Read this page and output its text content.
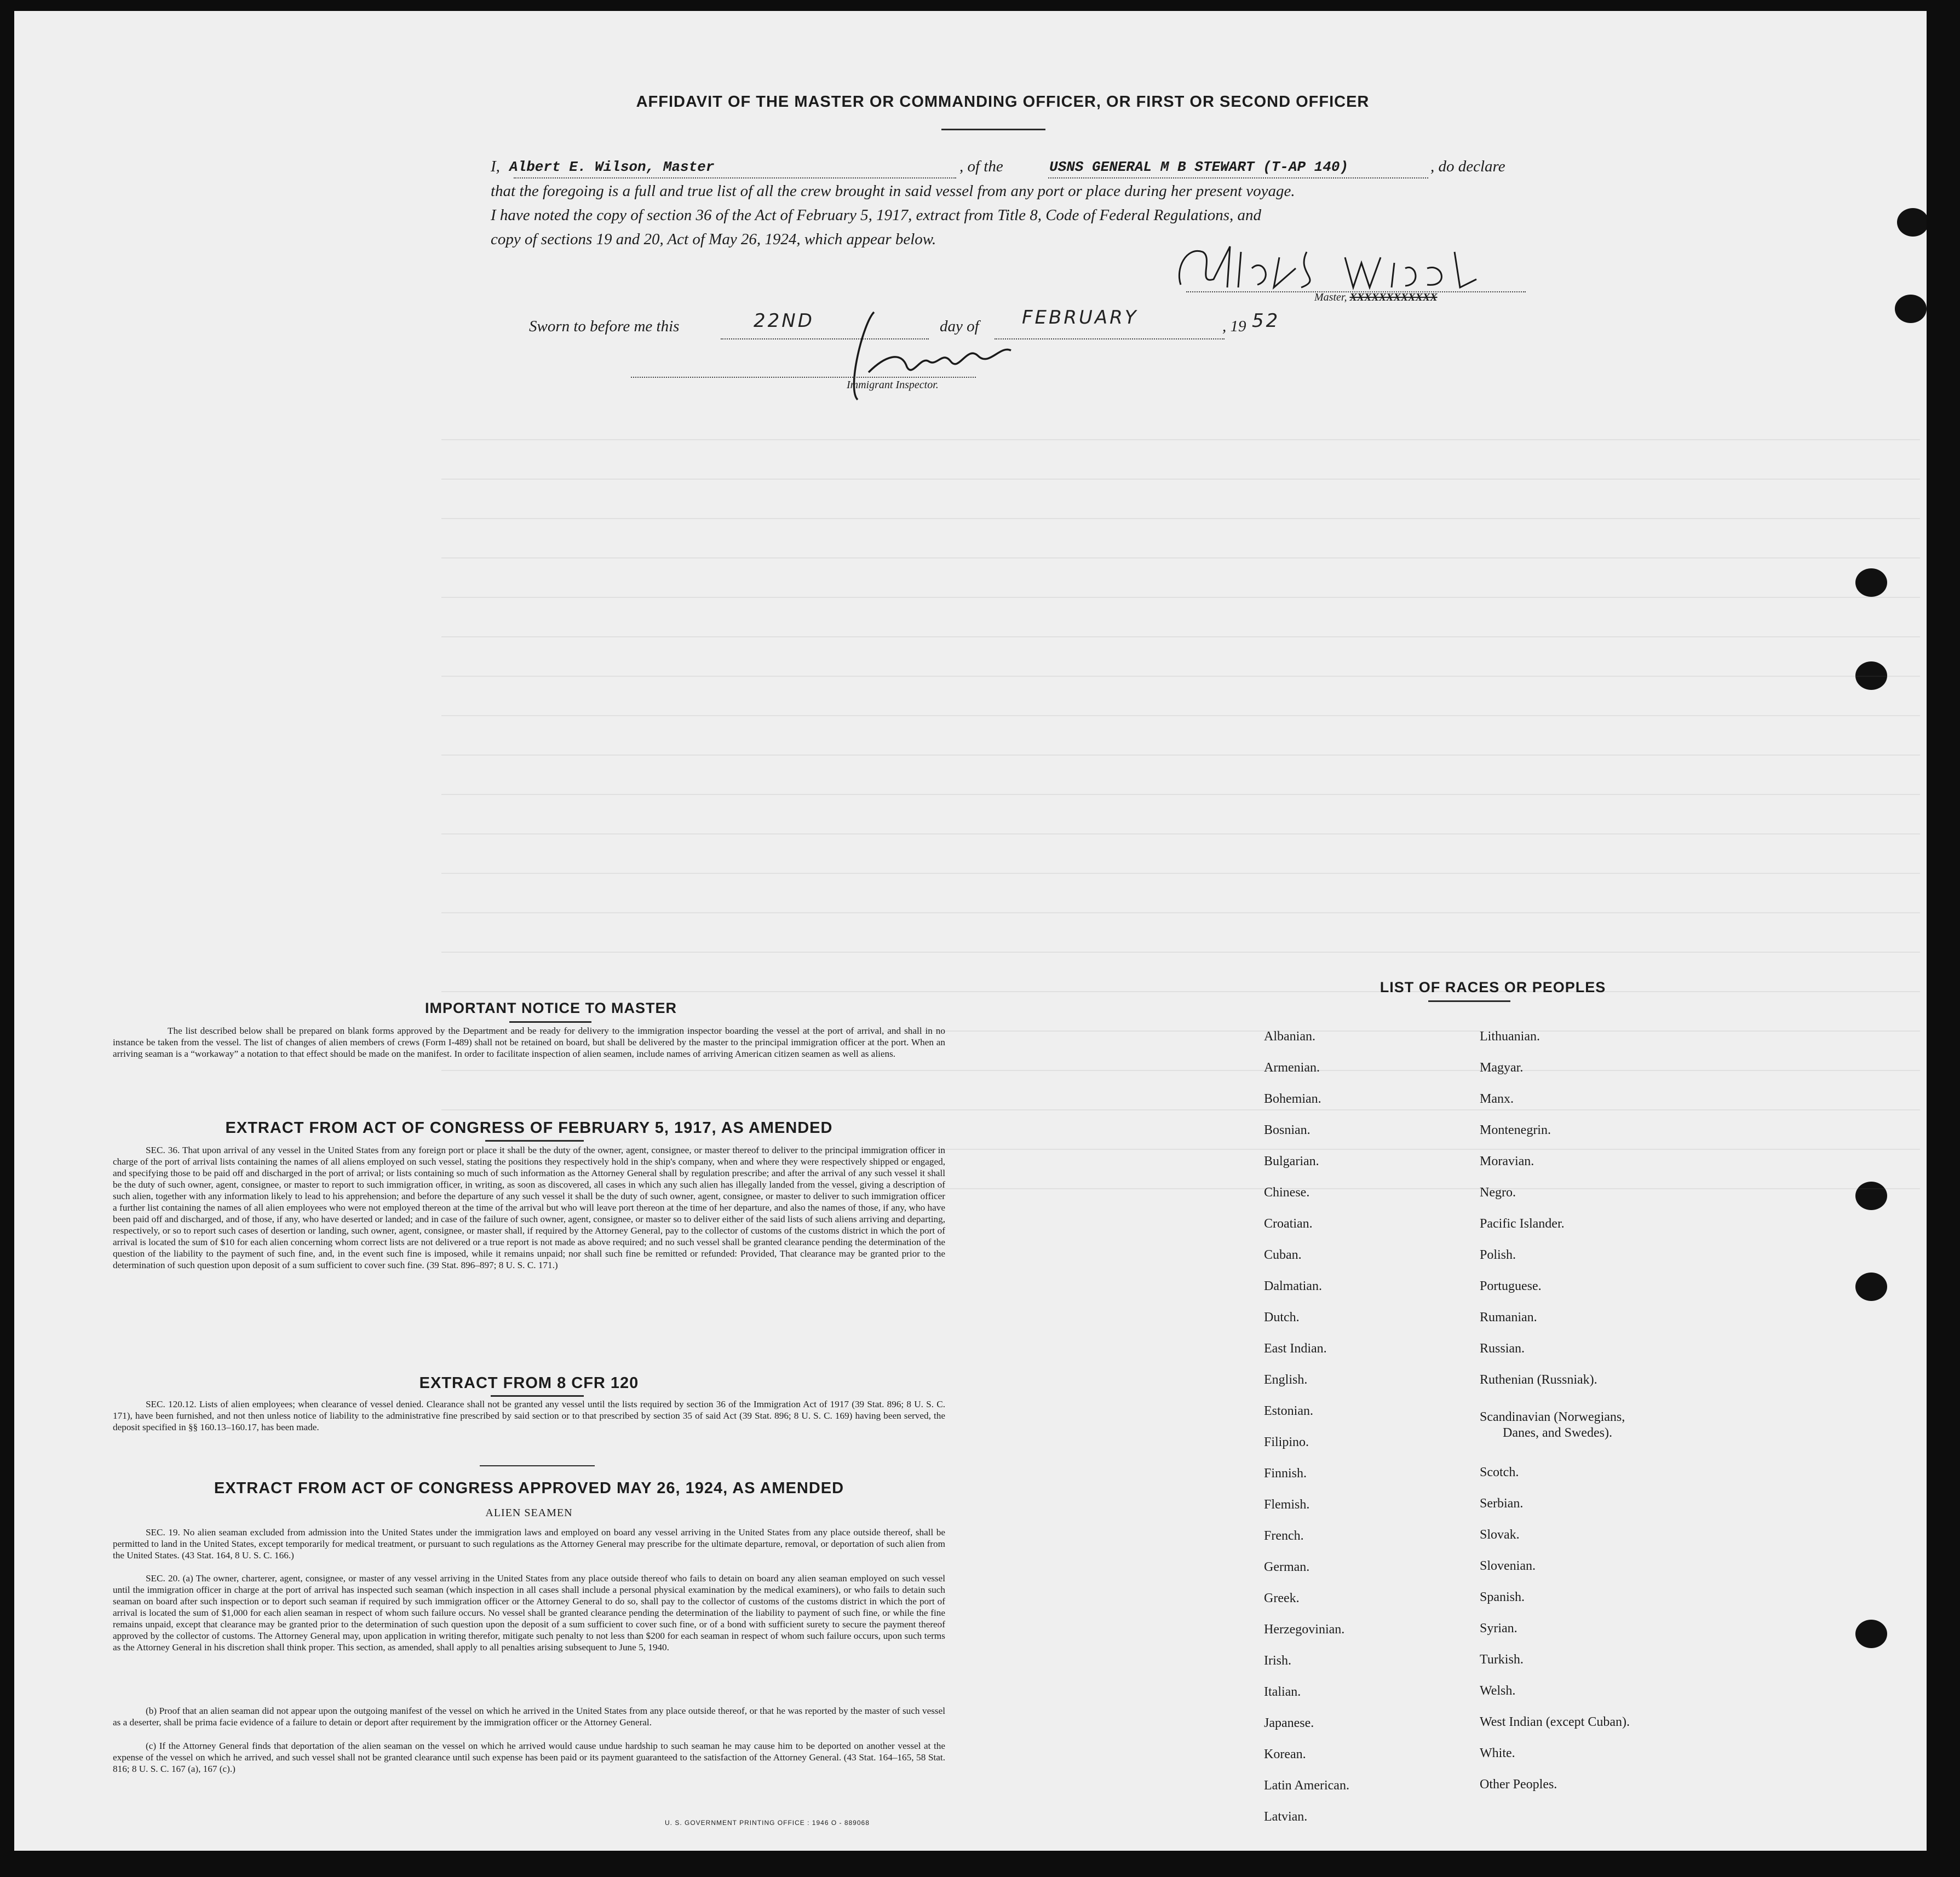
AFFIDAVIT OF THE MASTER OR COMMANDING OFFICER, OR FIRST OR SECOND OFFICER
I, Albert E. Wilson, Master	, of the	USNS GENERAL M B STEWART (T-AP 140)	, do declare
that the foregoing is a full and true list of all the crew brought in said vessel from any port or place during her present voyage.
I have noted the copy of section 36 of the Act of February 5, 1917, extract from Title 8, Code of Federal Regulations, and
copy of sections 19 and 20, Act of May 26, 1924, which appear below.
Master, XXXXXXXXXXXX
Sworn to before me this	22ND	day of FEBRUARY	, 19 52
Immigrant Inspector.
IMPORTANT NOTICE TO MASTER
The list described below shall be prepared on blank forms approved by the Department and be ready for delivery to the immigration inspector boarding the vessel at the port of arrival, and shall in no instance be taken from the vessel. The list of changes of alien members of crews (Form I-489) shall not be retained on board, but shall be delivered by the master to the principal immigration officer at the port. When an arriving seaman is a “workaway” a notation to that effect should be made on the manifest. In order to facilitate inspection of alien seamen, include names of arriving American citizen seamen as well as aliens.
EXTRACT FROM ACT OF CONGRESS OF FEBRUARY 5, 1917, AS AMENDED
SEC. 36. That upon arrival of any vessel in the United States from any foreign port or place it shall be the duty of the owner, agent, consignee, or master thereof to deliver to the principal immigration officer in charge of the port of arrival lists containing the names of all aliens employed on such vessel, stating the positions they respectively hold in the ship's company, when and where they were respectively shipped or engaged, and specifying those to be paid off and discharged in the port of arrival; or lists containing so much of such information as the Attorney General shall by regulation prescribe; and after the arrival of any such vessel it shall be the duty of such owner, agent, consignee, or master to report to such immigration officer, in writing, as soon as discovered, all cases in which any such alien has illegally landed from the vessel, giving a description of such alien, together with any information likely to lead to his apprehension; and before the departure of any such vessel it shall be the duty of such owner, agent, consignee, or master to deliver to such immigration officer a further list containing the names of all alien employees who were not employed thereon at the time of the arrival but who will leave port thereon at the time of her departure, and also the names of those, if any, who have been paid off and discharged, and of those, if any, who have deserted or landed; and in case of the failure of such owner, agent, consignee, or master so to deliver either of the said lists of such aliens arriving and departing, respectively, or so to report such cases of desertion or landing, such owner, agent, consignee, or master shall, if required by the Attorney General, pay to the collector of customs of the customs district in which the port of arrival is located the sum of $10 for each alien concerning whom correct lists are not delivered or a true report is not made as above required; and no such vessel shall be granted clearance pending the determination of the question of the liability to the payment of such fine, and, in the event such fine is imposed, while it remains unpaid; nor shall such fine be remitted or refunded: Provided, That clearance may be granted prior to the determination of such question upon deposit of a sum sufficient to cover such fine. (39 Stat. 896–897; 8 U. S. C. 171.)
EXTRACT FROM 8 CFR 120
SEC. 120.12. Lists of alien employees; when clearance of vessel denied. Clearance shall not be granted any vessel until the lists required by section 36 of the Immigration Act of 1917 (39 Stat. 896; 8 U. S. C. 171), have been furnished, and not then unless notice of liability to the administrative fine prescribed by said section or to that prescribed by section 35 of said Act (39 Stat. 896; 8 U. S. C. 169) having been served, the deposit specified in §§ 160.13–160.17, has been made.
EXTRACT FROM ACT OF CONGRESS APPROVED MAY 26, 1924, AS AMENDED
ALIEN SEAMEN
SEC. 19. No alien seaman excluded from admission into the United States under the immigration laws and employed on board any vessel arriving in the United States from any place outside thereof, shall be permitted to land in the United States, except temporarily for medical treatment, or pursuant to such regulations as the Attorney General may prescribe for the ultimate departure, removal, or deportation of such alien from the United States. (43 Stat. 164, 8 U. S. C. 166.)
SEC. 20. (a) The owner, charterer, agent, consignee, or master of any vessel arriving in the United States from any place outside thereof who fails to detain on board any alien seaman employed on such vessel until the immigration officer in charge at the port of arrival has inspected such seaman (which inspection in all cases shall include a personal physical examination by the medical examiners), or who fails to detain such seaman on board after such inspection or to deport such seaman if required by such immigration officer or the Attorney General to do so, shall pay to the collector of customs of the customs district in which the port of arrival is located the sum of $1,000 for each alien seaman in respect of whom such failure occurs. No vessel shall be granted clearance pending the determination of the liability to payment of such fine, or while the fine remains unpaid, except that clearance may be granted prior to the determination of such question upon the deposit of a sum sufficient to cover such fine, or of a bond with sufficient surety to secure the payment thereof approved by the collector of customs. The Attorney General may, upon application in writing therefor, mitigate such penalty to not less than $200 for each seaman in respect of whom such failure occurs, upon such terms as the Attorney General in his discretion shall think proper. This section, as amended, shall apply to all penalties arising subsequent to June 5, 1940.
(b) Proof that an alien seaman did not appear upon the outgoing manifest of the vessel on which he arrived in the United States from any place outside thereof, or that he was reported by the master of such vessel as a deserter, shall be prima facie evidence of a failure to detain or deport after requirement by the immigration officer or the Attorney General.
(c) If the Attorney General finds that deportation of the alien seaman on the vessel on which he arrived would cause undue hardship to such seaman he may cause him to be deported on another vessel at the expense of the vessel on which he arrived, and such vessel shall not be granted clearance until such expense has been paid or its payment guaranteed to the satisfaction of the Attorney General. (43 Stat. 164–165, 58 Stat. 816; 8 U. S. C. 167 (a), 167 (c).)
U. S. GOVERNMENT PRINTING OFFICE : 1946 O - 889068
LIST OF RACES OR PEOPLES
Albanian.
Armenian.
Bohemian.
Bosnian.
Bulgarian.
Chinese.
Croatian.
Cuban.
Dalmatian.
Dutch.
East Indian.
English.
Estonian.
Filipino.
Finnish.
Flemish.
French.
German.
Greek.
Herzegovinian.
Irish.
Italian.
Japanese.
Korean.
Latin American.
Latvian.
Lithuanian.
Magyar.
Manx.
Montenegrin.
Moravian.
Negro.
Pacific Islander.
Polish.
Portuguese.
Rumanian.
Russian.
Ruthenian (Russniak).
Scandinavian (Norwegians,
Danes, and Swedes).
Scotch.
Serbian.
Slovak.
Slovenian.
Spanish.
Syrian.
Turkish.
Welsh.
West Indian (except Cuban).
White.
Other Peoples.
